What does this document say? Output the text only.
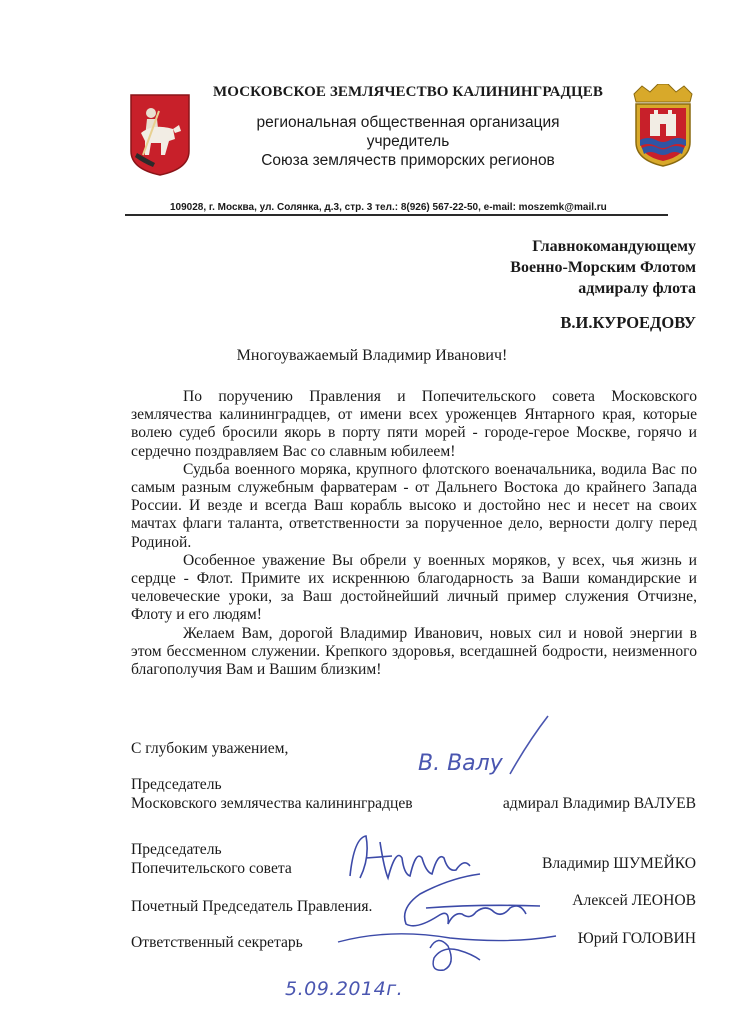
МОСКОВСКОЕ ЗЕМЛЯЧЕСТВО КАЛИНИНГРАДЦЕВ
региональная общественная организация
учредитель
Союза землячеств приморских регионов
109028, г. Москва, ул. Солянка, д.3, стр. 3 тел.: 8(926) 567-22-50, e-mail: moszemk@mail.ru
Главнокомандующему
Военно-Морским Флотом
адмиралу флота
В.И.КУРОЕДОВУ
Многоуважаемый Владимир Иванович!

По поручению Правления и Попечительского совета Московского землячества калининградцев, от имени всех уроженцев Янтарного края, которые волею судеб бросили якорь в порту пяти морей - городе-герое Москве, горячо и сердечно поздравляем Вас со славным юбилеем!

Судьба военного моряка, крупного флотского военачальника, водила Вас по самым разным служебным фарватерам - от Дальнего Востока до крайнего Запада России. И везде и всегда Ваш корабль высоко и достойно нес и несет на своих мачтах флаги таланта, ответственности за порученное дело, верности долгу перед Родиной.

Особенное уважение Вы обрели у военных моряков, у всех, чья жизнь и сердце - Флот. Примите их искреннюю благодарность за Ваши командирские и человеческие уроки, за Ваш достойнейший личный пример служения Отчизне, Флоту и его людям!

Желаем Вам, дорогой Владимир Иванович, новых сил и новой энергии в этом бессменном служении. Крепкого здоровья, всегдашней бодрости, неизменного благополучия Вам и Вашим близким!

С глубоким уважением,
В. Валу
Председатель
Московского землячества калининградцев	адмирал Владимир ВАЛУЕВ
Председатель
Попечительского совета	Владимир ШУМЕЙКО
Почетный Председатель Правления.	Алексей ЛЕОНОВ
Ответственный секретарь	Юрий ГОЛОВИН
5.09.2014г.
